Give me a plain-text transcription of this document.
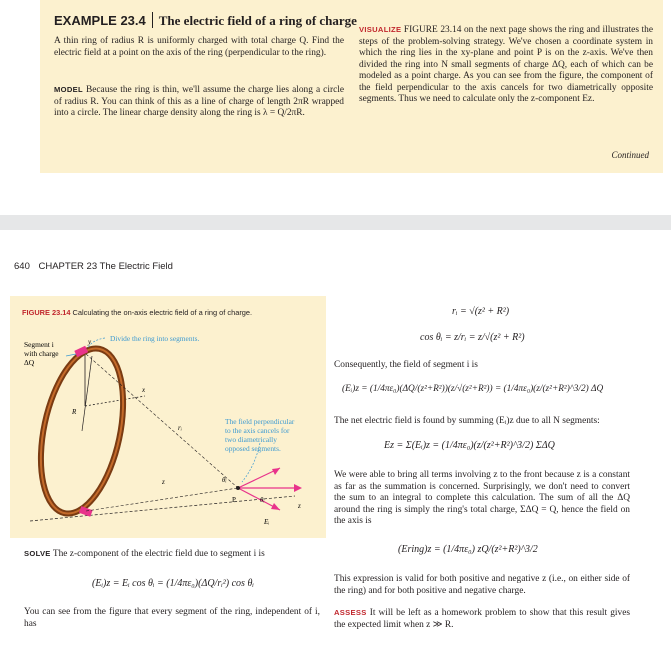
EXAMPLE 23.4 The electric field of a ring of charge
A thin ring of radius R is uniformly charged with total charge Q. Find the electric field at a point on the axis of the ring (perpendicular to the ring).
MODEL Because the ring is thin, we'll assume the charge lies along a circle of radius R. You can think of this as a line of charge of length 2πR wrapped into a circle. The linear charge density along the ring is λ = Q/2πR.
VISUALIZE FIGURE 23.14 on the next page shows the ring and illustrates the steps of the problem-solving strategy. We've chosen a coordinate system in which the ring lies in the xy-plane and point P is on the z-axis. We've then divided the ring into N small segments of charge ΔQ, each of which can be modeled as a point charge. As you can see from the figure, the component of the field perpendicular to the axis cancels for two diametrically opposite segments. Thus we need to calculate only the z-component Ez.
Continued
640 CHAPTER 23 The Electric Field
FIGURE 23.14 Calculating the on-axis electric field of a ring of charge.
Segment i
with charge
ΔQ
Divide the ring into segments.
The field perpendicular
to the axis cancels for
two diametrically
opposed segments.
y
x
z
z
R
rᵢ
P
θᵢ
θᵢ
Eᵢ
SOLVE The z-component of the electric field due to segment i is
(Eᵢ)z = Eᵢ cos θᵢ = (1/4πε₀)(ΔQ/rᵢ²) cos θᵢ
You can see from the figure that every segment of the ring, independent of i, has
rᵢ = √(z² + R²)
cos θᵢ = z/rᵢ = z/√(z² + R²)
Consequently, the field of segment i is
(Eᵢ)z = (1/4πε₀)(ΔQ/(z²+R²))(z/√(z²+R²)) = (1/4πε₀)(z/(z²+R²)^3/2) ΔQ
The net electric field is found by summing (Eᵢ)z due to all N segments:
Ez = Σ(Eᵢ)z = (1/4πε₀)(z/(z²+R²)^3/2) ΣΔQ
We were able to bring all terms involving z to the front because z is a constant as far as the summation is concerned. Surprisingly, we don't need to convert the sum to an integral to complete this calculation. The sum of all the ΔQ around the ring is simply the ring's total charge, ΣΔQ = Q, hence the field on the axis is
(Ering)z = (1/4πε₀) zQ/(z²+R²)^3/2
This expression is valid for both positive and negative z (i.e., on either side of the ring) and for both positive and negative charge.
ASSESS It will be left as a homework problem to show that this result gives the expected limit when z ≫ R.
